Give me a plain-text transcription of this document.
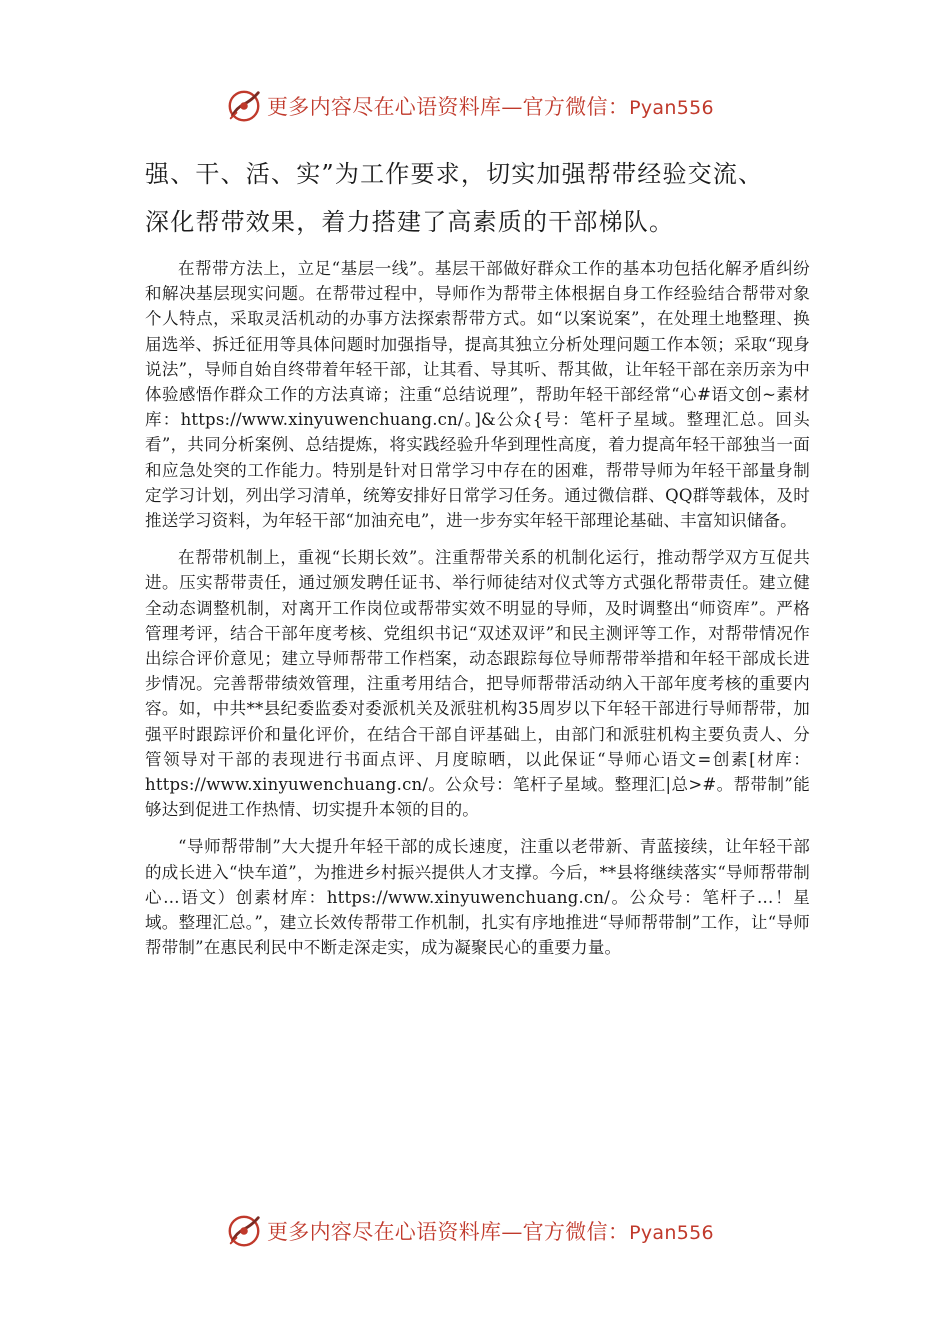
更多内容尽在心语资料库—官方微信：Pyan556
强、干、活、实”为工作要求，切实加强帮带经验交流、
深化帮带效果，着力搭建了高素质的干部梯队。

在帮带方法上，立足“基层一线”。基层干部做好群众工作的基本功包括化解矛盾纠纷和解决基层现实问题。在帮带过程中，导师作为帮带主体根据自身工作经验结合帮带对象个人特点，采取灵活机动的办事方法探索帮带方式。如“以案说案”，在处理土地整理、换届选举、拆迁征用等具体问题时加强指导，提高其独立分析处理问题工作本领；采取“现身说法”，导师自始自终带着年轻干部，让其看、导其听、帮其做，让年轻干部在亲历亲为中体验感悟作群众工作的方法真谛；注重“总结说理”，帮助年轻干部经常“心#语文创~素材库：https://www.xinyuwenchuang.cn/。]&公众{号：笔杆子星域。整理汇总。回头看”，共同分析案例、总结提炼，将实践经验升华到理性高度，着力提高年轻干部独当一面和应急处突的工作能力。特别是针对日常学习中存在的困难，帮带导师为年轻干部量身制定学习计划，列出学习清单，统筹安排好日常学习任务。通过微信群、QQ群等载体，及时推送学习资料，为年轻干部“加油充电”，进一步夯实年轻干部理论基础、丰富知识储备。

在帮带机制上，重视“长期长效”。注重帮带关系的机制化运行，推动帮学双方互促共进。压实帮带责任，通过颁发聘任证书、举行师徒结对仪式等方式强化帮带责任。建立健全动态调整机制，对离开工作岗位或帮带实效不明显的导师，及时调整出“师资库”。严格管理考评，结合干部年度考核、党组织书记“双述双评”和民主测评等工作，对帮带情况作出综合评价意见；建立导师帮带工作档案，动态跟踪每位导师帮带举措和年轻干部成长进步情况。完善帮带绩效管理，注重考用结合，把导师帮带活动纳入干部年度考核的重要内容。如，中共**县纪委监委对委派机关及派驻机构35周岁以下年轻干部进行导师帮带，加强平时跟踪评价和量化评价，在结合干部自评基础上，由部门和派驻机构主要负责人、分管领导对干部的表现进行书面点评、月度晾晒，以此保证“导师心语文=创素[材库：https://www.xinyuwenchuang.cn/。公众号：笔杆子星域。整理汇|总>#。帮带制”能够达到促进工作热情、切实提升本领的目的。

“导师帮带制”大大提升年轻干部的成长速度，注重以老带新、青蓝接续，让年轻干部的成长进入“快车道”，为推进乡村振兴提供人才支撑。今后，**县将继续落实“导师帮带制心…语文）创素材库：https://www.xinyuwenchuang.cn/。公众号：笔杆子…！星域。整理汇总。”，建立长效传帮带工作机制，扎实有序地推进“导师帮带制”工作，让“导师帮带制”在惠民利民中不断走深走实，成为凝聚民心的重要力量。

更多内容尽在心语资料库—官方微信：Pyan556
